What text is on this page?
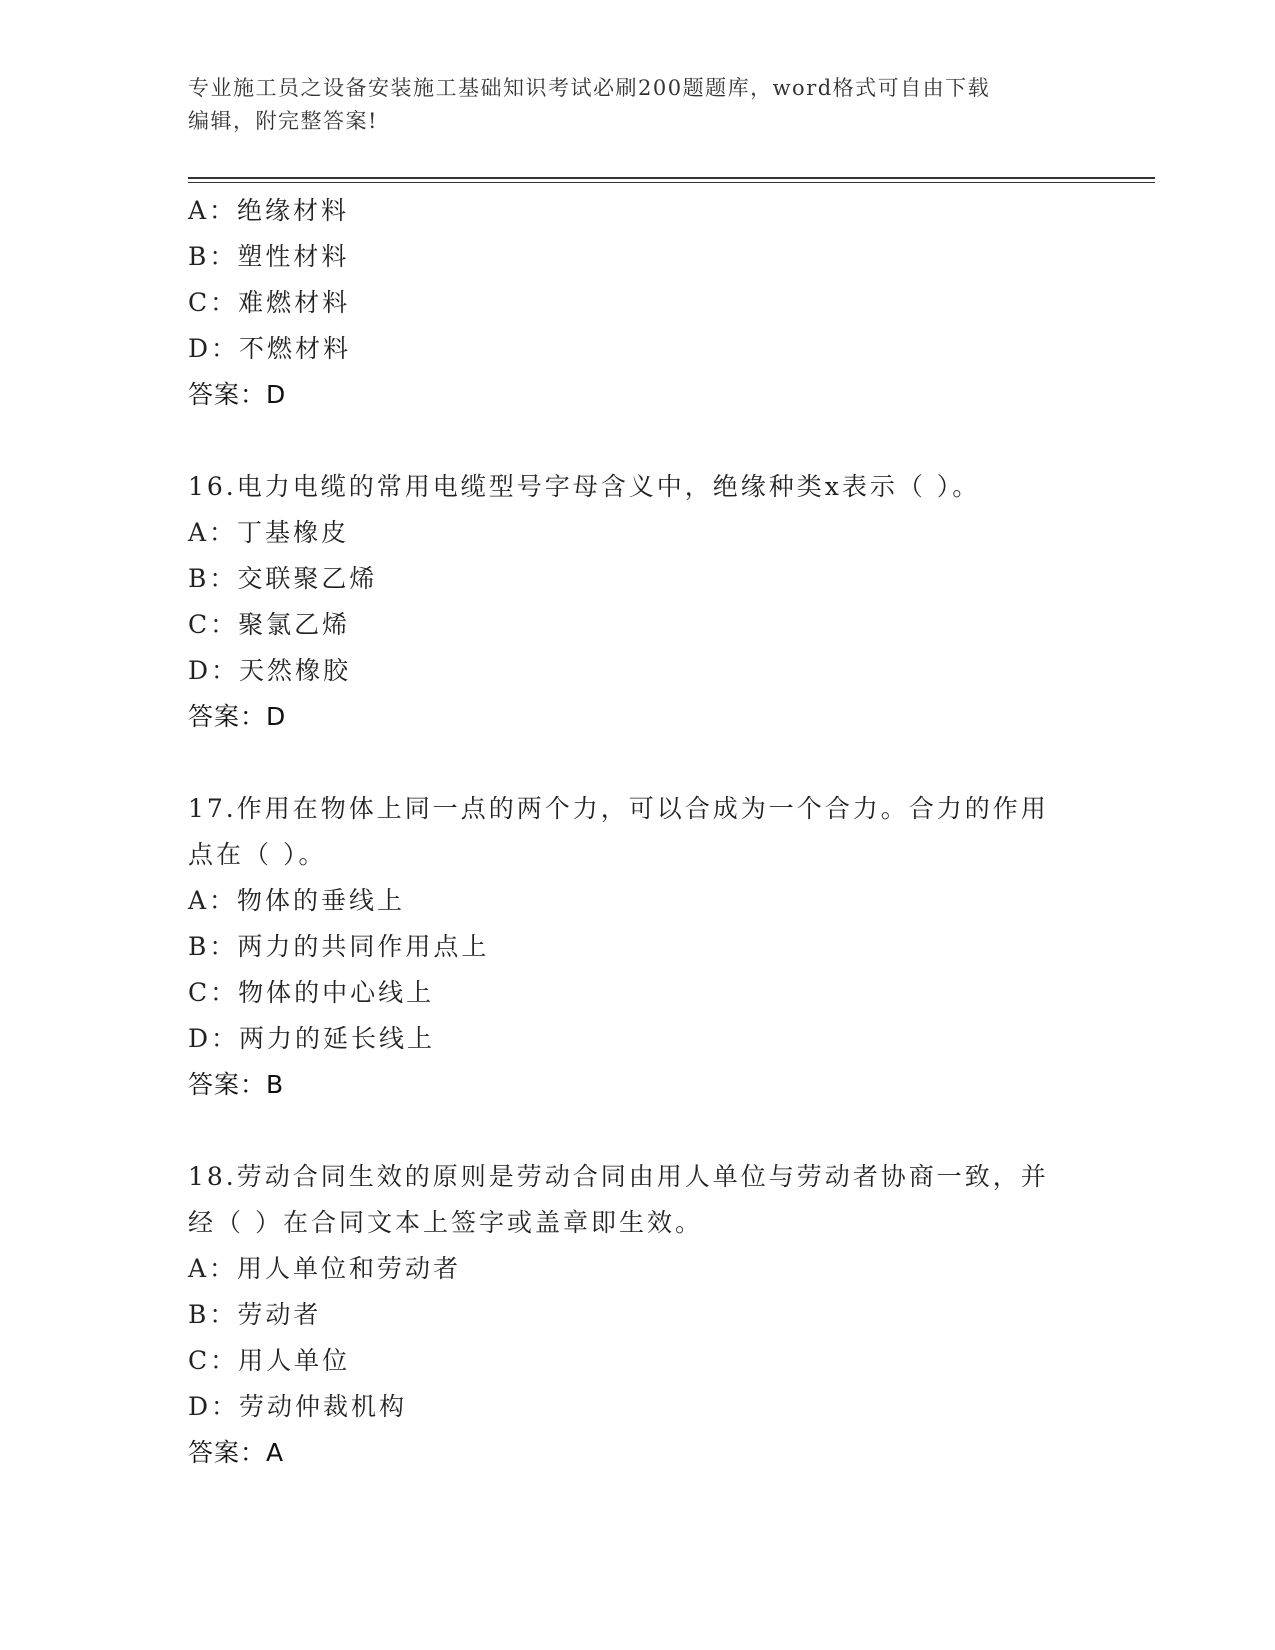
专业施工员之设备安装施工基础知识考试必刷200题题库，word格式可自由下载
编辑，附完整答案!
A：绝缘材料
B：塑性材料
C：难燃材料
D：不燃材料
答案：D
16.电力电缆的常用电缆型号字母含义中，绝缘种类x表示（ ）。
A：丁基橡皮
B：交联聚乙烯
C：聚氯乙烯
D：天然橡胶
答案：D
17.作用在物体上同一点的两个力，可以合成为一个合力。合力的作用
点在（ ）。
A：物体的垂线上
B：两力的共同作用点上
C：物体的中心线上
D：两力的延长线上
答案：B
18.劳动合同生效的原则是劳动合同由用人单位与劳动者协商一致，并
经（ ）在合同文本上签字或盖章即生效。
A：用人单位和劳动者
B：劳动者
C：用人单位
D：劳动仲裁机构
答案：A
